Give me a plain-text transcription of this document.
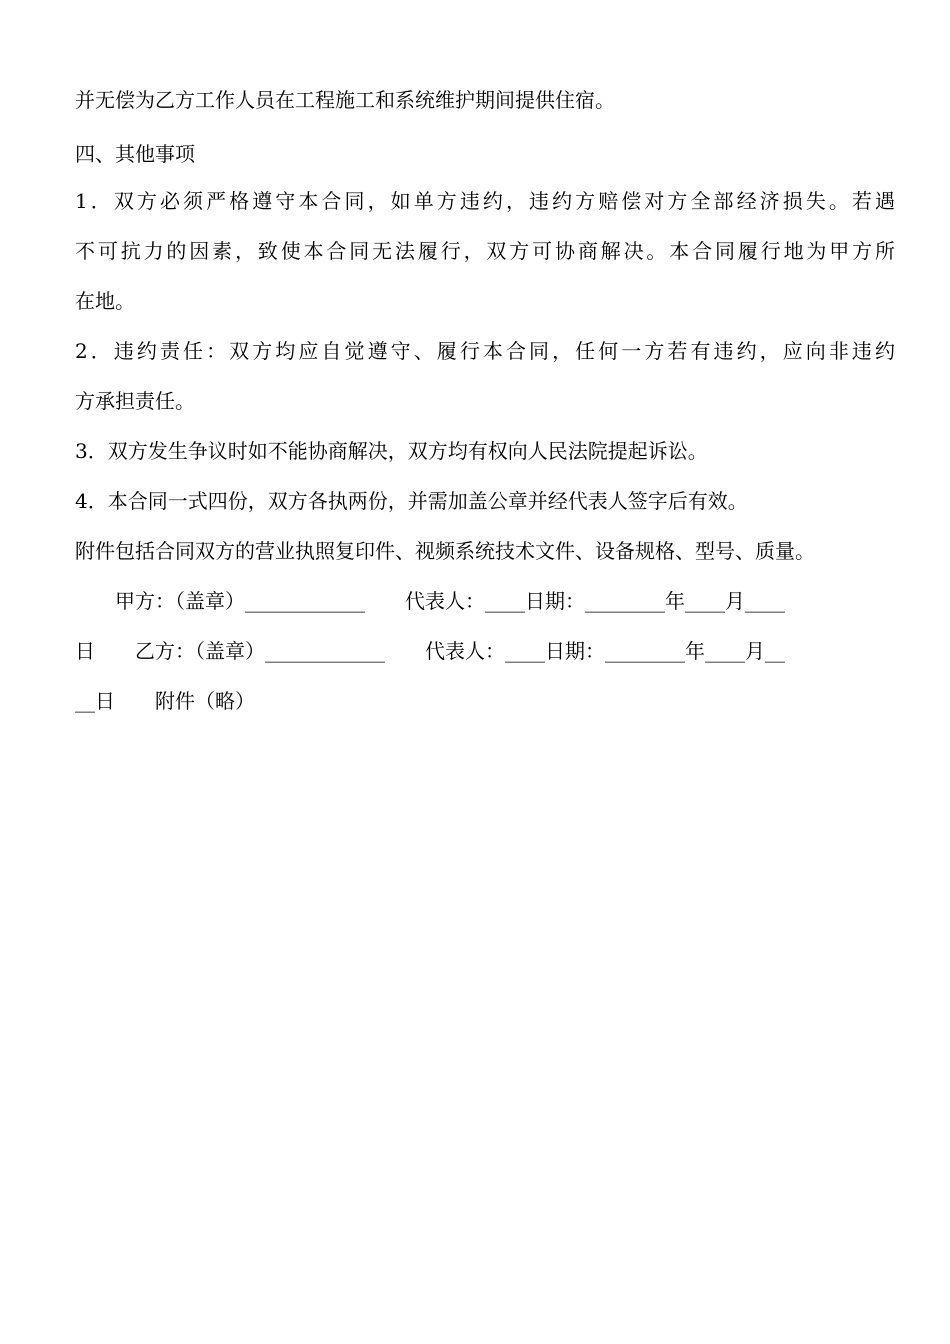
并无偿为乙方工作人员在工程施工和系统维护期间提供住宿。
四、其他事项
1．双方必须严格遵守本合同，如单方违约，违约方赔偿对方全部经济损失。若遇
不可抗力的因素，致使本合同无法履行，双方可协商解决。本合同履行地为甲方所
在地。
2．违约责任：双方均应自觉遵守、履行本合同，任何一方若有违约，应向非违约
方承担责任。
3．双方发生争议时如不能协商解决，双方均有权向人民法院提起诉讼。
4．本合同一式四份，双方各执两份，并需加盖公章并经代表人签字后有效。
附件包括合同双方的营业执照复印件、视频系统技术文件、设备规格、型号、质量。
　　甲方：（盖章）____________　　代表人：____日期：________年____月____
日　　乙方：（盖章）____________　　代表人：____日期：________年____月__
__日　　附件（略）
